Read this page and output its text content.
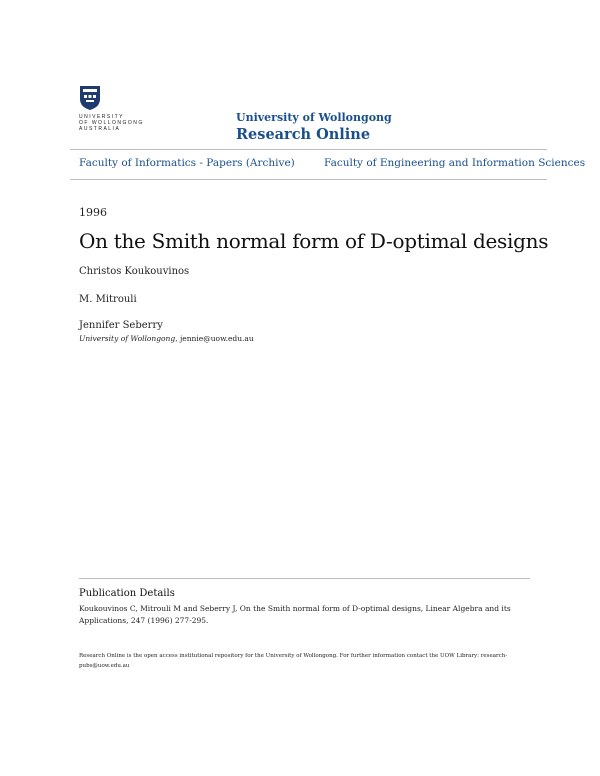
UNIVERSITY
OF WOLLONGONG
AUSTRALIA
University of Wollongong
Research Online
Faculty of Informatics - Papers (Archive)	Faculty of Engineering and Information Sciences
1996
On the Smith normal form of D-optimal designs
Christos Koukouvinos
M. Mitrouli
Jennifer Seberry
University of Wollongong, jennie@uow.edu.au
Publication Details
Koukouvinos C, Mitrouli M and Seberry J, On the Smith normal form of D-optimal designs, Linear Algebra and its Applications, 247 (1996) 277-295.
Research Online is the open access institutional repository for the University of Wollongong. For further information contact the UOW Library: research-pubs@uow.edu.au
